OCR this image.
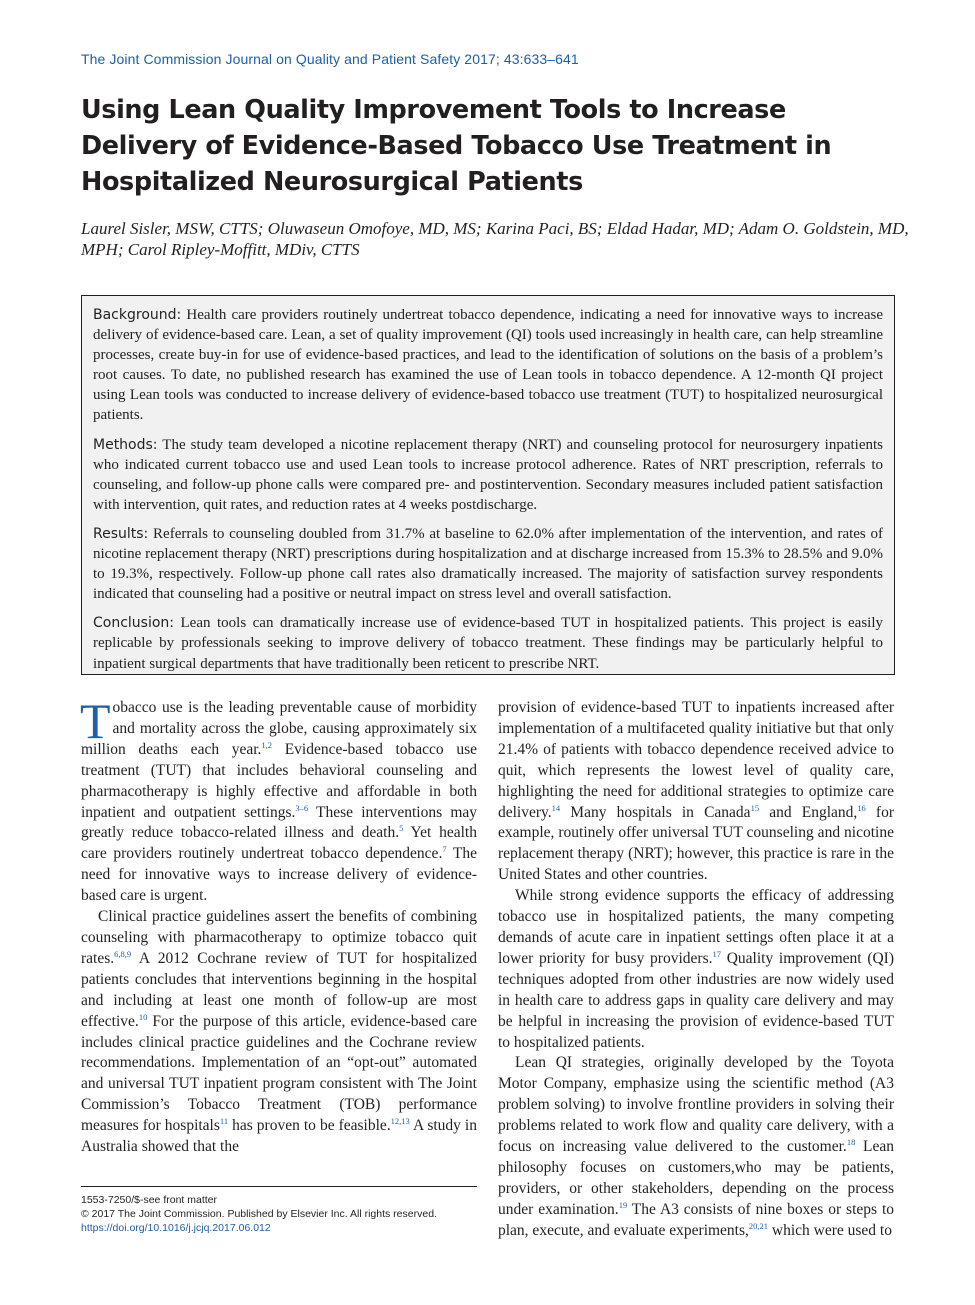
The Joint Commission Journal on Quality and Patient Safety 2017; 43:633–641
Using Lean Quality Improvement Tools to Increase Delivery of Evidence-Based Tobacco Use Treatment in Hospitalized Neurosurgical Patients

Laurel Sisler, MSW, CTTS; Oluwaseun Omofoye, MD, MS; Karina Paci, BS; Eldad Hadar, MD; Adam O. Goldstein, MD, MPH; Carol Ripley-Moffitt, MDiv, CTTS

Background: Health care providers routinely undertreat tobacco dependence, indicating a need for innovative ways to increase delivery of evidence-based care. Lean, a set of quality improvement (QI) tools used increasingly in health care, can help streamline processes, create buy-in for use of evidence-based practices, and lead to the identification of solutions on the basis of a problem’s root causes. To date, no published research has examined the use of Lean tools in tobacco dependence. A 12-month QI project using Lean tools was conducted to increase delivery of evidence-based tobacco use treatment (TUT) to hospitalized neurosurgical patients.

Methods: The study team developed a nicotine replacement therapy (NRT) and counseling protocol for neurosurgery inpatients who indicated current tobacco use and used Lean tools to increase protocol adherence. Rates of NRT prescription, referrals to counseling, and follow-up phone calls were compared pre- and postintervention. Secondary measures included patient satisfaction with intervention, quit rates, and reduction rates at 4 weeks postdischarge.

Results: Referrals to counseling doubled from 31.7% at baseline to 62.0% after implementation of the intervention, and rates of nicotine replacement therapy (NRT) prescriptions during hospitalization and at discharge increased from 15.3% to 28.5% and 9.0% to 19.3%, respectively. Follow-up phone call rates also dramatically increased. The majority of satisfaction survey respondents indicated that counseling had a positive or neutral impact on stress level and overall satisfaction.

Conclusion: Lean tools can dramatically increase use of evidence-based TUT in hospitalized patients. This project is easily replicable by professionals seeking to improve delivery of tobacco treatment. These findings may be particularly helpful to inpatient surgical departments that have traditionally been reticent to prescribe NRT.

Tobacco use is the leading preventable cause of morbidity and mortality across the globe, causing approximately six million deaths each year.$^{1,2}$ Evidence-based tobacco use treatment (TUT) that includes behavioral counseling and pharmacotherapy is highly effective and affordable in both inpatient and outpatient settings.$^{3-6}$ These interventions may greatly reduce tobacco-related illness and death.$^5$ Yet health care providers routinely undertreat tobacco dependence.$^7$ The need for innovative ways to increase delivery of evidence-based care is urgent.

Clinical practice guidelines assert the benefits of combining counseling with pharmacotherapy to optimize tobacco quit rates.$^{6,8,9}$ A 2012 Cochrane review of TUT for hospitalized patients concludes that interventions beginning in the hospital and including at least one month of follow-up are most effective.$^{10}$ For the purpose of this article, evidence-based care includes clinical practice guidelines and the Cochrane review recommendations. Implementation of an “opt-out” automated and universal TUT inpatient program consistent with The Joint Commission’s Tobacco Treatment (TOB) performance measures for hospitals$^{11}$ has proven to be feasible.$^{12,13}$ A study in Australia showed that the

provision of evidence-based TUT to inpatients increased after implementation of a multifaceted quality initiative but that only 21.4% of patients with tobacco dependence received advice to quit, which represents the lowest level of quality care, highlighting the need for additional strategies to optimize care delivery.$^{14}$ Many hospitals in Canada$^{15}$ and England,$^{16}$ for example, routinely offer universal TUT counseling and nicotine replacement therapy (NRT); however, this practice is rare in the United States and other countries.

While strong evidence supports the efficacy of addressing tobacco use in hospitalized patients, the many competing demands of acute care in inpatient settings often place it at a lower priority for busy providers.$^{17}$ Quality improvement (QI) techniques adopted from other industries are now widely used in health care to address gaps in quality care delivery and may be helpful in increasing the provision of evidence-based TUT to hospitalized patients.

Lean QI strategies, originally developed by the Toyota Motor Company, emphasize using the scientific method (A3 problem solving) to involve frontline providers in solving their problems related to work flow and quality care delivery, with a focus on increasing value delivered to the customer.$^{18}$ Lean philosophy focuses on customers,who may be patients, providers, or other stakeholders, depending on the process under examination.$^{19}$ The A3 consists of nine boxes or steps to plan, execute, and evaluate experiments,$^{20,21}$ which were used to

1553-7250/$-see front matter
© 2017 The Joint Commission. Published by Elsevier Inc. All rights reserved.
https://doi.org/10.1016/j.jcjq.2017.06.012
